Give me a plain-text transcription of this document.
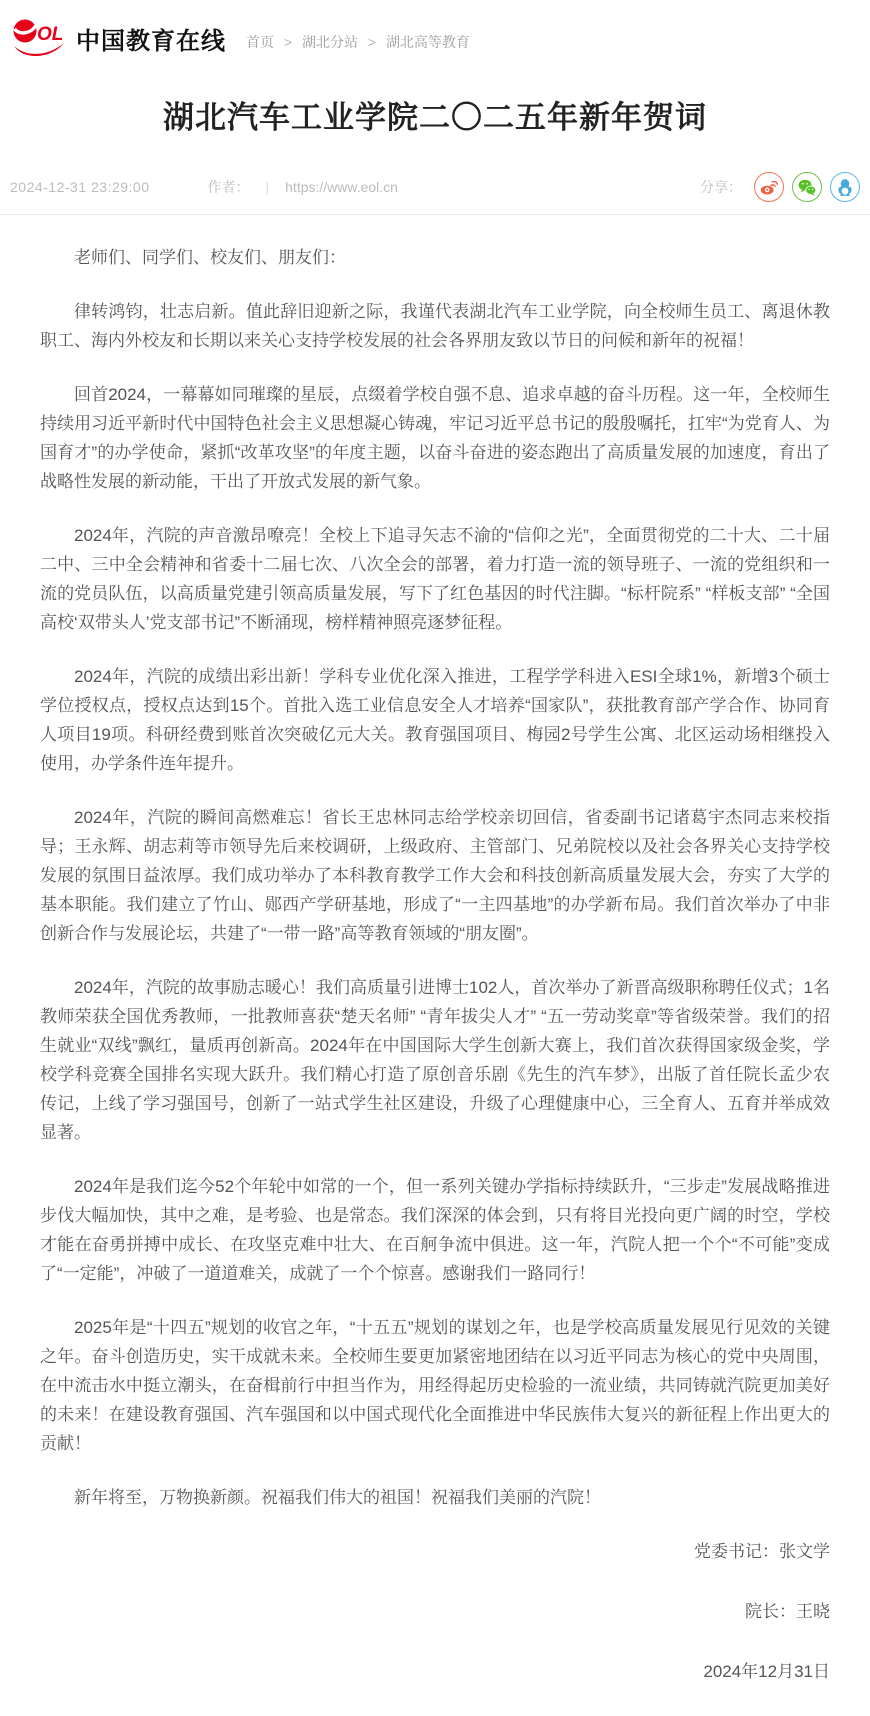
OL 中国教育在线 首页 > 湖北分站 > 湖北高等教育
湖北汽车工业学院二〇二五年新年贺词
2024-12-31 23:29:00	作者： | https://www.eol.cn	分享：

老师们、同学们、校友们、朋友们：

律转鸿钧，壮志启新。值此辞旧迎新之际，我谨代表湖北汽车工业学院，向全校师生员工、离退休教职工、海内外校友和长期以来关心支持学校发展的社会各界朋友致以节日的问候和新年的祝福！

回首2024，一幕幕如同璀璨的星辰，点缀着学校自强不息、追求卓越的奋斗历程。这一年，全校师生持续用习近平新时代中国特色社会主义思想凝心铸魂，牢记习近平总书记的殷殷嘱托，扛牢“为党育人、为国育才”的办学使命，紧抓“改革攻坚”的年度主题，以奋斗奋进的姿态跑出了高质量发展的加速度，育出了战略性发展的新动能，干出了开放式发展的新气象。

2024年，汽院的声音激昂嘹亮！全校上下追寻矢志不渝的“信仰之光”，全面贯彻党的二十大、二十届二中、三中全会精神和省委十二届七次、八次全会的部署，着力打造一流的领导班子、一流的党组织和一流的党员队伍，以高质量党建引领高质量发展，写下了红色基因的时代注脚。“标杆院系” “样板支部” “全国高校‘双带头人’党支部书记”不断涌现，榜样精神照亮逐梦征程。

2024年，汽院的成绩出彩出新！学科专业优化深入推进，工程学学科进入ESI全球1%，新增3个硕士学位授权点，授权点达到15个。首批入选工业信息安全人才培养“国家队”，获批教育部产学合作、协同育人项目19项。科研经费到账首次突破亿元大关。教育强国项目、梅园2号学生公寓、北区运动场相继投入使用，办学条件连年提升。

2024年，汽院的瞬间高燃难忘！省长王忠林同志给学校亲切回信，省委副书记诸葛宇杰同志来校指导；王永辉、胡志莉等市领导先后来校调研，上级政府、主管部门、兄弟院校以及社会各界关心支持学校发展的氛围日益浓厚。我们成功举办了本科教育教学工作大会和科技创新高质量发展大会，夯实了大学的基本职能。我们建立了竹山、郧西产学研基地，形成了“一主四基地”的办学新布局。我们首次举办了中非创新合作与发展论坛，共建了“一带一路”高等教育领域的“朋友圈”。

2024年，汽院的故事励志暖心！我们高质量引进博士102人，首次举办了新晋高级职称聘任仪式；1名教师荣获全国优秀教师，一批教师喜获“楚天名师” “青年拔尖人才” “五一劳动奖章”等省级荣誉。我们的招生就业“双线”飘红，量质再创新高。2024年在中国国际大学生创新大赛上，我们首次获得国家级金奖，学校学科竞赛全国排名实现大跃升。我们精心打造了原创音乐剧《先生的汽车梦》，出版了首任院长孟少农传记，上线了学习强国号，创新了一站式学生社区建设，升级了心理健康中心，三全育人、五育并举成效显著。

2024年是我们迄今52个年轮中如常的一个，但一系列关键办学指标持续跃升，“三步走”发展战略推进步伐大幅加快，其中之难，是考验、也是常态。我们深深的体会到，只有将目光投向更广阔的时空，学校才能在奋勇拼搏中成长、在攻坚克难中壮大、在百舸争流中俱进。这一年，汽院人把一个个“不可能”变成了“一定能”，冲破了一道道难关，成就了一个个惊喜。感谢我们一路同行！

2025年是“十四五”规划的收官之年，“十五五”规划的谋划之年，也是学校高质量发展见行见效的关键之年。奋斗创造历史，实干成就未来。全校师生要更加紧密地团结在以习近平同志为核心的党中央周围，在中流击水中挺立潮头，在奋楫前行中担当作为，用经得起历史检验的一流业绩，共同铸就汽院更加美好的未来！在建设教育强国、汽车强国和以中国式现代化全面推进中华民族伟大复兴的新征程上作出更大的贡献！

新年将至，万物换新颜。祝福我们伟大的祖国！祝福我们美丽的汽院！

党委书记：张文学

院长：王晓

2024年12月31日
